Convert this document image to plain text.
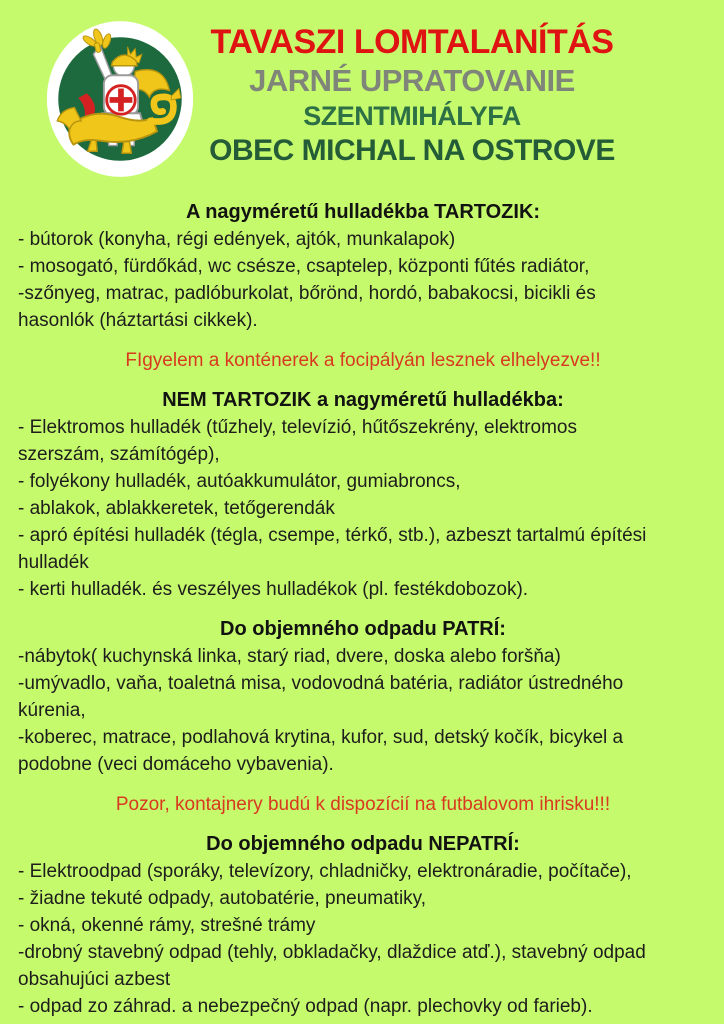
TAVASZI LOMTALANÍTÁS
JARNÉ UPRATOVANIE
SZENTMIHÁLYFA
OBEC MICHAL NA OSTROVE
A nagyméretű hulladékba TARTOZIK:
- bútorok (konyha, régi edények, ajtók, munkalapok)
- mosogató, fürdőkád, wc csésze, csaptelep, központi fűtés radiátor,
-szőnyeg, matrac, padlóburkolat, bőrönd, hordó, babakocsi, bicikli és
hasonlók (háztartási cikkek).

FIgyelem a konténerek a focipályán lesznek elhelyezve!!

NEM TARTOZIK a nagyméretű hulladékba:
- Elektromos hulladék (tűzhely, televízió, hűtőszekrény, elektromos
szerszám, számítógép),
- folyékony hulladék, autóakkumulátor, gumiabroncs,
- ablakok, ablakkeretek, tetőgerendák
- apró építési hulladék (tégla, csempe, térkő, stb.), azbeszt tartalmú építési
hulladék
- kerti hulladék. és veszélyes hulladékok (pl. festékdobozok).
Do objemného odpadu PATRÍ:
-nábytok( kuchynská linka, starý riad, dvere, doska alebo foršňa)
-umývadlo, vaňa, toaletná misa, vodovodná batéria, radiátor ústredného
kúrenia,
-koberec, matrace, podlahová krytina, kufor, sud, detský kočík, bicykel a
podobne (veci domáceho vybavenia).

Pozor, kontajnery budú k dispozícií na futbalovom ihrisku!!!

Do objemného odpadu NEPATRÍ:
- Elektroodpad (sporáky, televízory, chladničky, elektronáradie, počítače),
- žiadne tekuté odpady, autobatérie, pneumatiky,
- okná, okenné rámy, strešné trámy
-drobný stavebný odpad (tehly, obkladačky, dlaždice atď.), stavebný odpad
obsahujúci azbest
- odpad zo záhrad. a nebezpečný odpad (napr. plechovky od farieb).
